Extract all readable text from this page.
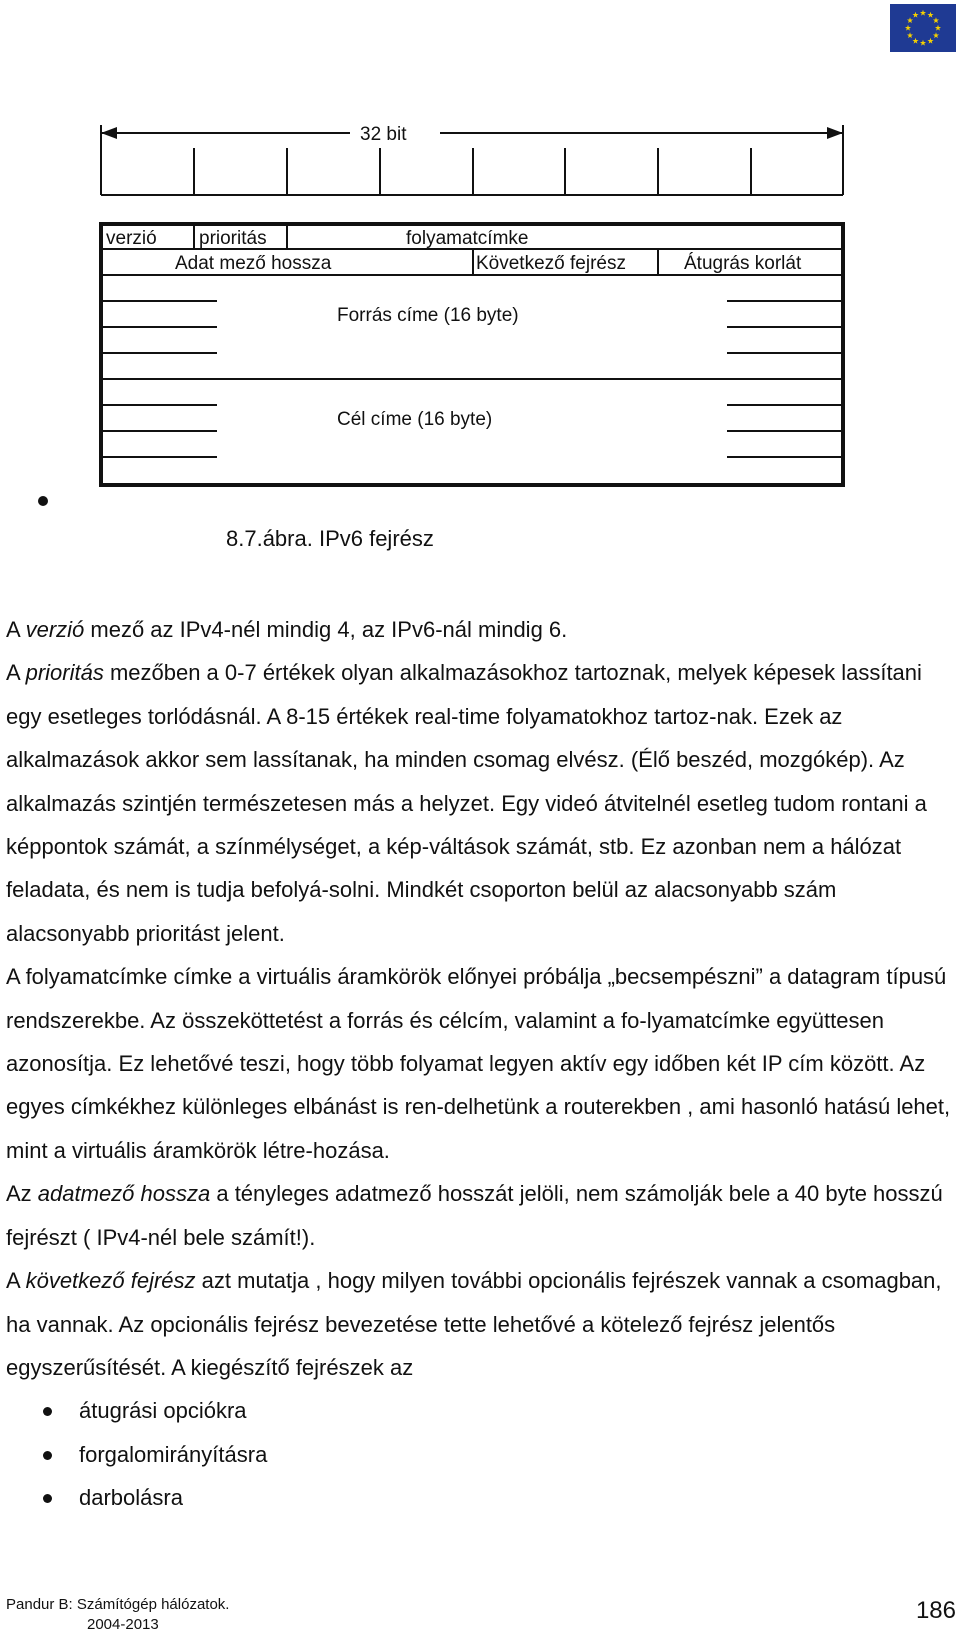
32 bit
verzió prioritás	folyamatcímke
Adat mező hossza	Következő fejrész	Átugrás korlát
Forrás címe (16 byte)
Cél címe (16 byte)
8.7.ábra. IPv6 fejrész

A verzió mező az IPv4-nél mindig 4, az IPv6-nál mindig 6.

A prioritás mezőben a 0-7 értékek olyan alkalmazásokhoz tartoznak, melyek képesek lassítani egy esetleges torlódásnál. A 8-15 értékek real-time folyamatokhoz tartoz-nak. Ezek az alkalmazások akkor sem lassítanak, ha minden csomag elvész. (Élő beszéd, mozgókép). Az alkalmazás szintjén természetesen más a helyzet. Egy videó átvitelnél esetleg tudom rontani a képpontok számát, a színmélységet, a kép-váltások számát, stb. Ez azonban nem a hálózat feladata, és nem is tudja befolyá-solni. Mindkét csoporton belül az alacsonyabb szám alacsonyabb prioritást jelent.

A folyamatcímke címke a virtuális áramkörök előnyei próbálja „becsempészni” a datagram típusú rendszerekbe. Az összeköttetést a forrás és célcím, valamint a fo-lyamatcímke együttesen azonosítja. Ez lehetővé teszi, hogy több folyamat legyen aktív egy időben két IP cím között. Az egyes címkékhez különleges elbánást is ren-delhetünk a routerekben , ami hasonló hatású lehet, mint a virtuális áramkörök létre-hozása.

Az adatmező hossza a tényleges adatmező hosszát jelöli, nem számolják bele a 40 byte hosszú fejrészt ( IPv4-nél bele számít!).

A következő fejrész azt mutatja , hogy milyen további opcionális fejrészek vannak a csomagban, ha vannak. Az opcionális fejrész bevezetése tette lehetővé a kötelező fejrész jelentős egyszerűsítését. A kiegészítő fejrészek az

átugrási opciókra
forgalomirányításra
darbolásra
Pandur B: Számítógép hálózatok.
2004-2013
186
